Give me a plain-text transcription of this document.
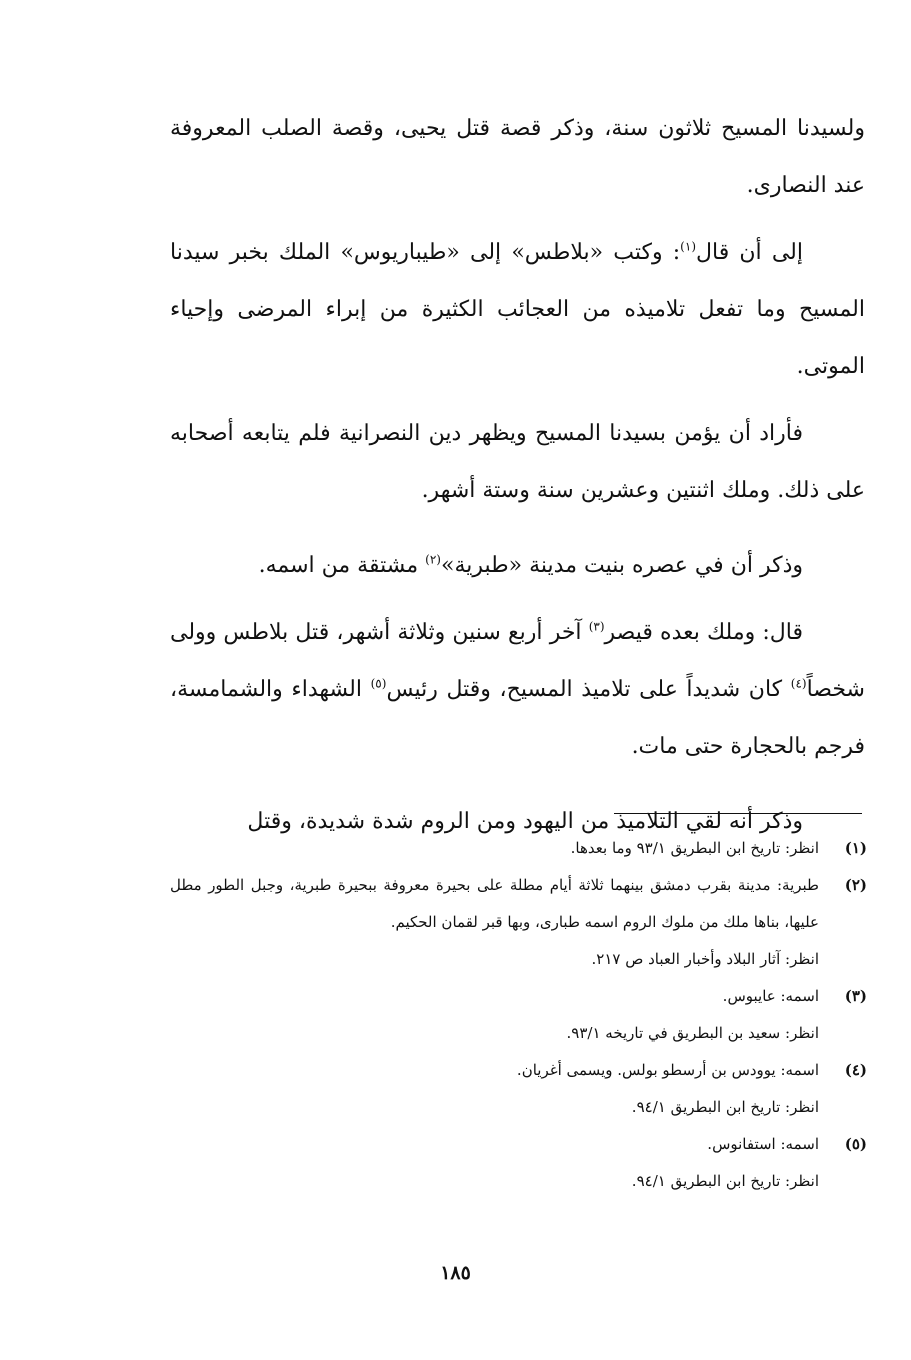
ولسيدنا المسيح ثلاثون سنة، وذكر قصة قتل يحيى، وقصة الصلب المعروفة عند النصارى.

إلى أن قال$^{(١)}$: وكتب «بلاطس» إلى «طيباريوس» الملك بخبر سيدنا المسيح وما تفعل تلاميذه من العجائب الكثيرة من إبراء المرضى وإحياء الموتى.

فأراد أن يؤمن بسيدنا المسيح ويظهر دين النصرانية فلم يتابعه أصحابه على ذلك. وملك اثنتين وعشرين سنة وستة أشهر.

وذكر أن في عصره بنيت مدينة «طبرية»$^{(٢)}$ مشتقة من اسمه.

قال: وملك بعده قيصر$^{(٣)}$ آخر أربع سنين وثلاثة أشهر، قتل بلاطس وولى شخصاً$^{(٤)}$ كان شديداً على تلاميذ المسيح، وقتل رئيس$^{(٥)}$ الشهداء والشمامسة، فرجم بالحجارة حتى مات.

وذكر أنه لقي التلاميذ من اليهود ومن الروم شدة شديدة، وقتل

(١)
انظر: تاريخ ابن البطريق ٩٣/١ وما بعدها.
(٢)
طبرية: مدينة بقرب دمشق بينهما ثلاثة أيام مطلة على بحيرة معروفة ببحيرة طبرية، وجبل الطور مطل عليها، بناها ملك من ملوك الروم اسمه طبارى، وبها قبر لقمان الحكيم.
انظر: آثار البلاد وأخبار العباد ص ٢١٧.
(٣)
اسمه: عايبوس.
انظر: سعيد بن البطريق في تاريخه ٩٣/١.
(٤)
اسمه: يوودس بن أرسطو بولس. ويسمى أغريان.
انظر: تاريخ ابن البطريق ٩٤/١.
(٥)
اسمه: استفانوس.
انظر: تاريخ ابن البطريق ٩٤/١.
١٨٥
